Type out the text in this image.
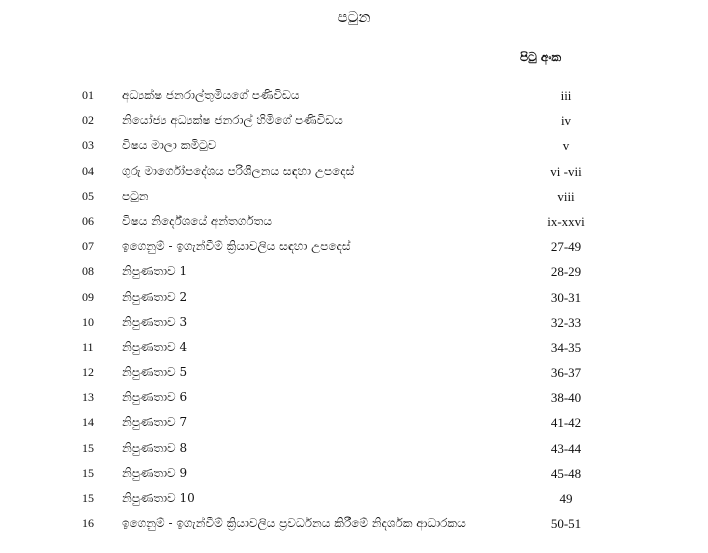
පටුන
පිටු අංක
01 අධ්‍යක්ෂ ජනරාල්තුමියගේ පණිවිඩය	iii
02 නියෝජ්‍ය අධ්‍යක්ෂ ජනරාල් හිමිගේ පණිවිඩය	iv
03 විෂය මාලා කමිටුව	v
04 ගුරු මාර්ගෝපදේශය පරිශීලනය සඳහා උපදෙස්	vi -vii
05 පටුන	viii
06 විෂය නිර්දේශයේ අන්තර්ගතය	ix-xxvi
07 ඉගෙනුම් - ඉගැන්වීම් ක්‍රියාවලිය සඳහා උපදෙස්	27-49
08 නිපුණතාව 1	28-29
09 නිපුණතාව 2	30-31
10 නිපුණතාව 3	32-33
11 නිපුණතාව 4	34-35
12 නිපුණතාව 5	36-37
13 නිපුණතාව 6	38-40
14 නිපුණතාව 7	41-42
15 නිපුණතාව 8	43-44
15 නිපුණතාව 9	45-48
15 නිපුණතාව 10	49
16 ඉගෙනුම් - ඉගැන්වීම් ක්‍රියාවලිය ප්‍රවර්ධනය කිරීමේ නිදර්ශක ආධාරකය	50-51
